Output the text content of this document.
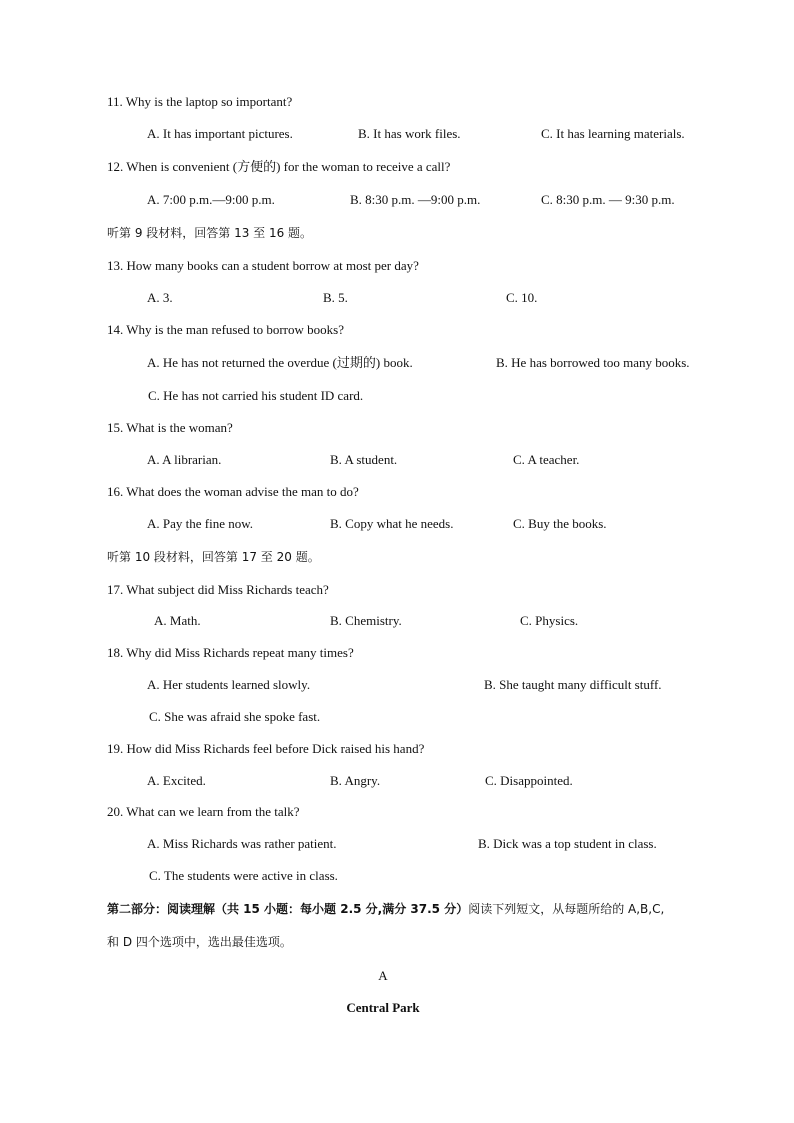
11. Why is the laptop so important?
A. It has important pictures.	B. It has work files.	C. It has learning materials.
12. When is convenient (方便的) for the woman to receive a call?
A. 7:00 p.m.—9:00 p.m.	B. 8:30 p.m. —9:00 p.m.	C. 8:30 p.m. — 9:30 p.m.
听第 9 段材料，回答第 13 至 16 题。
13. How many books can a student borrow at most per day?
A. 3.	B. 5.	C. 10.
14. Why is the man refused to borrow books?
A. He has not returned the overdue (过期的) book.	B. He has borrowed too many books.
C. He has not carried his student ID card.
15. What is the woman?
A. A librarian.	B. A student.	C. A teacher.
16. What does the woman advise the man to do?
A. Pay the fine now.	B. Copy what he needs.	C. Buy the books.
听第 10 段材料，回答第 17 至 20 题。
17. What subject did Miss Richards teach?
A. Math.	B. Chemistry.	C. Physics.
18. Why did Miss Richards repeat many times?
A. Her students learned slowly.	B. She taught many difficult stuff.
C. She was afraid she spoke fast.
19. How did Miss Richards feel before Dick raised his hand?
A. Excited.	B. Angry.	C. Disappointed.
20. What can we learn from the talk?
A. Miss Richards was rather patient.	B. Dick was a top student in class.
C. The students were active in class.
第二部分：阅读理解（共 15 小题：每小题 2.5 分,满分 37.5 分）阅读下列短文，从每题所给的 A,B,C,
和 D 四个选项中，选出最佳选项。
A
Central Park
